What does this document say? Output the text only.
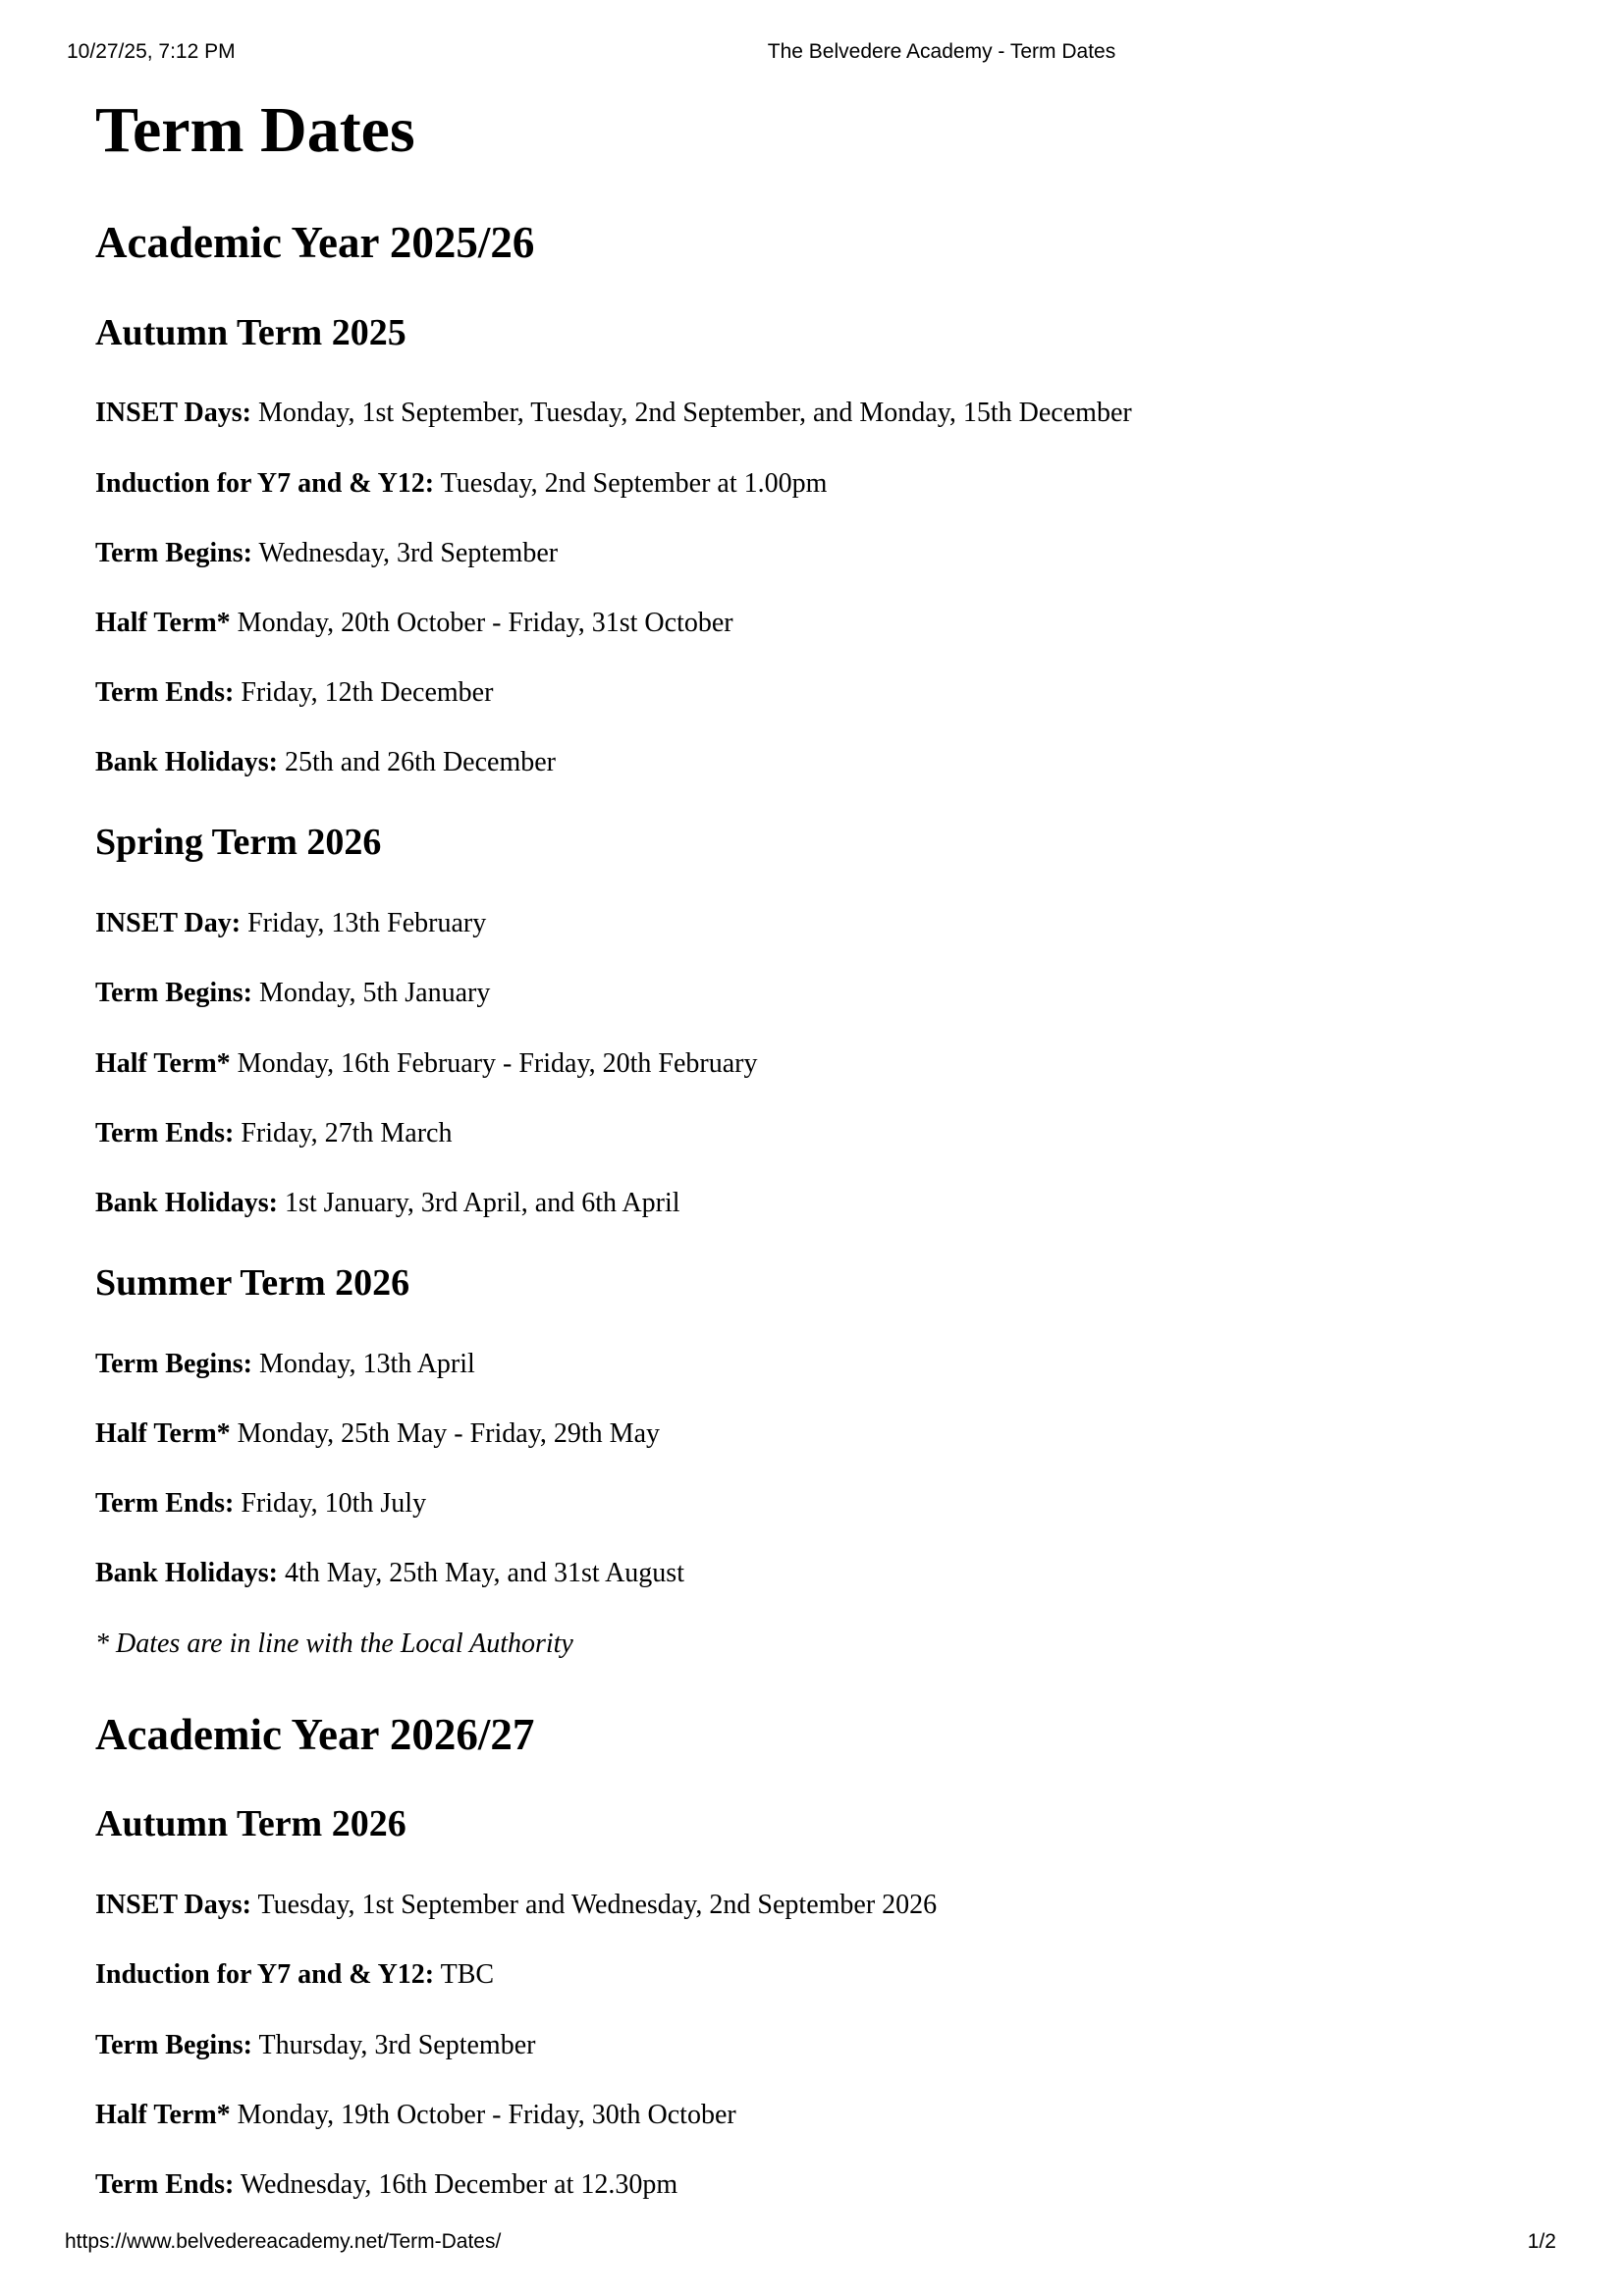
10/27/25, 7:12 PM	The Belvedere Academy - Term Dates
Term Dates
Academic Year 2025/26
Autumn Term 2025

INSET Days: Monday, 1st September, Tuesday, 2nd September, and Monday, 15th December

Induction for Y7 and & Y12: Tuesday, 2nd September at 1.00pm

Term Begins: Wednesday, 3rd September

Half Term* Monday, 20th October - Friday, 31st October

Term Ends: Friday, 12th December

Bank Holidays: 25th and 26th December

Spring Term 2026

INSET Day: Friday, 13th February

Term Begins: Monday, 5th January

Half Term* Monday, 16th February - Friday, 20th February

Term Ends: Friday, 27th March

Bank Holidays: 1st January, 3rd April, and 6th April

Summer Term 2026

Term Begins: Monday, 13th April

Half Term* Monday, 25th May - Friday, 29th May

Term Ends: Friday, 10th July

Bank Holidays: 4th May, 25th May, and 31st August

* Dates are in line with the Local Authority

Academic Year 2026/27
Autumn Term 2026

INSET Days: Tuesday, 1st September and Wednesday, 2nd September 2026

Induction for Y7 and & Y12: TBC

Term Begins: Thursday, 3rd September

Half Term* Monday, 19th October - Friday, 30th October

Term Ends: Wednesday, 16th December at 12.30pm

https://www.belvedereacademy.net/Term-Dates/	1/2
